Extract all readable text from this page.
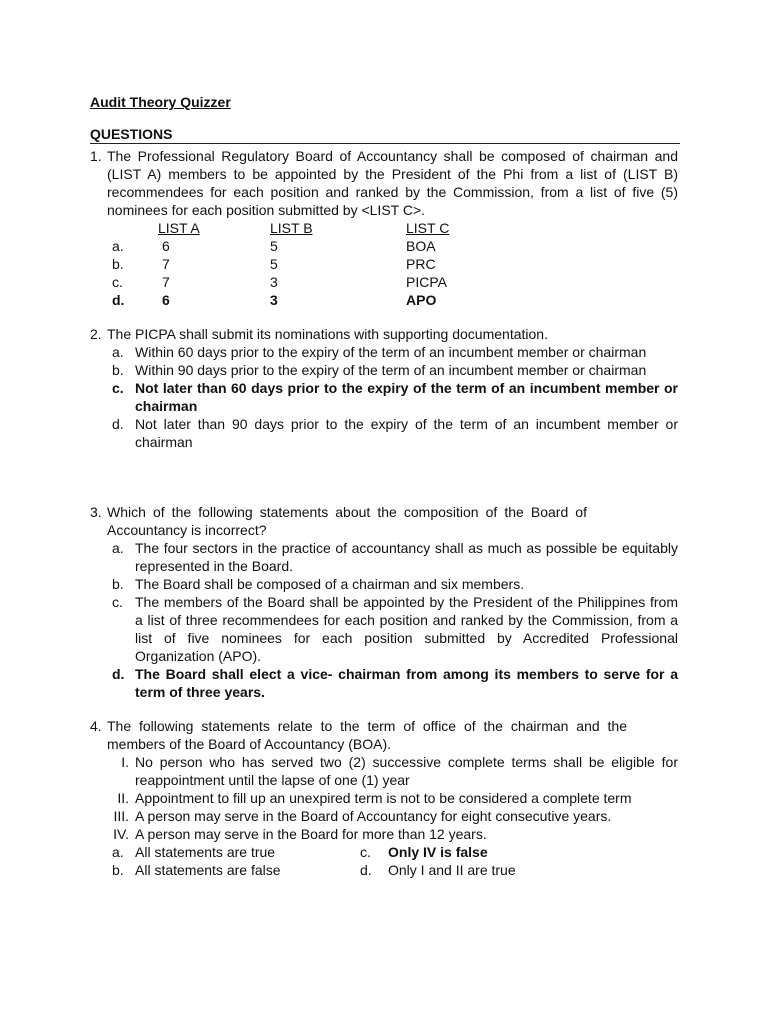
Audit Theory Quizzer
QUESTIONS
1. The Professional Regulatory Board of Accountancy shall be composed of chairman and (LIST A) members to be appointed by the President of the Phi from a list of (LIST B) recommendees for each position and ranked by the Commission, from a list of five (5) nominees for each position submitted by <LIST C>.
LIST A	LIST B	LIST C
a.	6	5	BOA
b.	7	5	PRC
c.	7	3	PICPA
d.	6	3	APO
2. The PICPA shall submit its nominations with supporting documentation.
a. Within 60 days prior to the expiry of the term of an incumbent member or chairman
b. Within 90 days prior to the expiry of the term of an incumbent member or chairman
c. Not later than 60 days prior to the expiry of the term of an incumbent member or chairman
d. Not later than 90 days prior to the expiry of the term of an incumbent member or chairman
3. Which of the following statements about the composition of the Board of Accountancy is incorrect?
a. The four sectors in the practice of accountancy shall as much as possible be equitably represented in the Board.
b. The Board shall be composed of a chairman and six members.
c. The members of the Board shall be appointed by the President of the Philippines from a list of three recommendees for each position and ranked by the Commission, from a list of five nominees for each position submitted by Accredited Professional Organization (APO).
d. The Board shall elect a vice- chairman from among its members to serve for a term of three years.
4. The following statements relate to the term of office of the chairman and the members of the Board of Accountancy (BOA).
I. No person who has served two (2) successive complete terms shall be eligible for reappointment until the lapse of one (1) year
II. Appointment to fill up an unexpired term is not to be considered a complete term
III. A person may serve in the Board of Accountancy for eight consecutive years.
IV. A person may serve in the Board for more than 12 years.
a. All statements are true	c.	Only IV is false
b. All statements are false	d.	Only I and II are true
